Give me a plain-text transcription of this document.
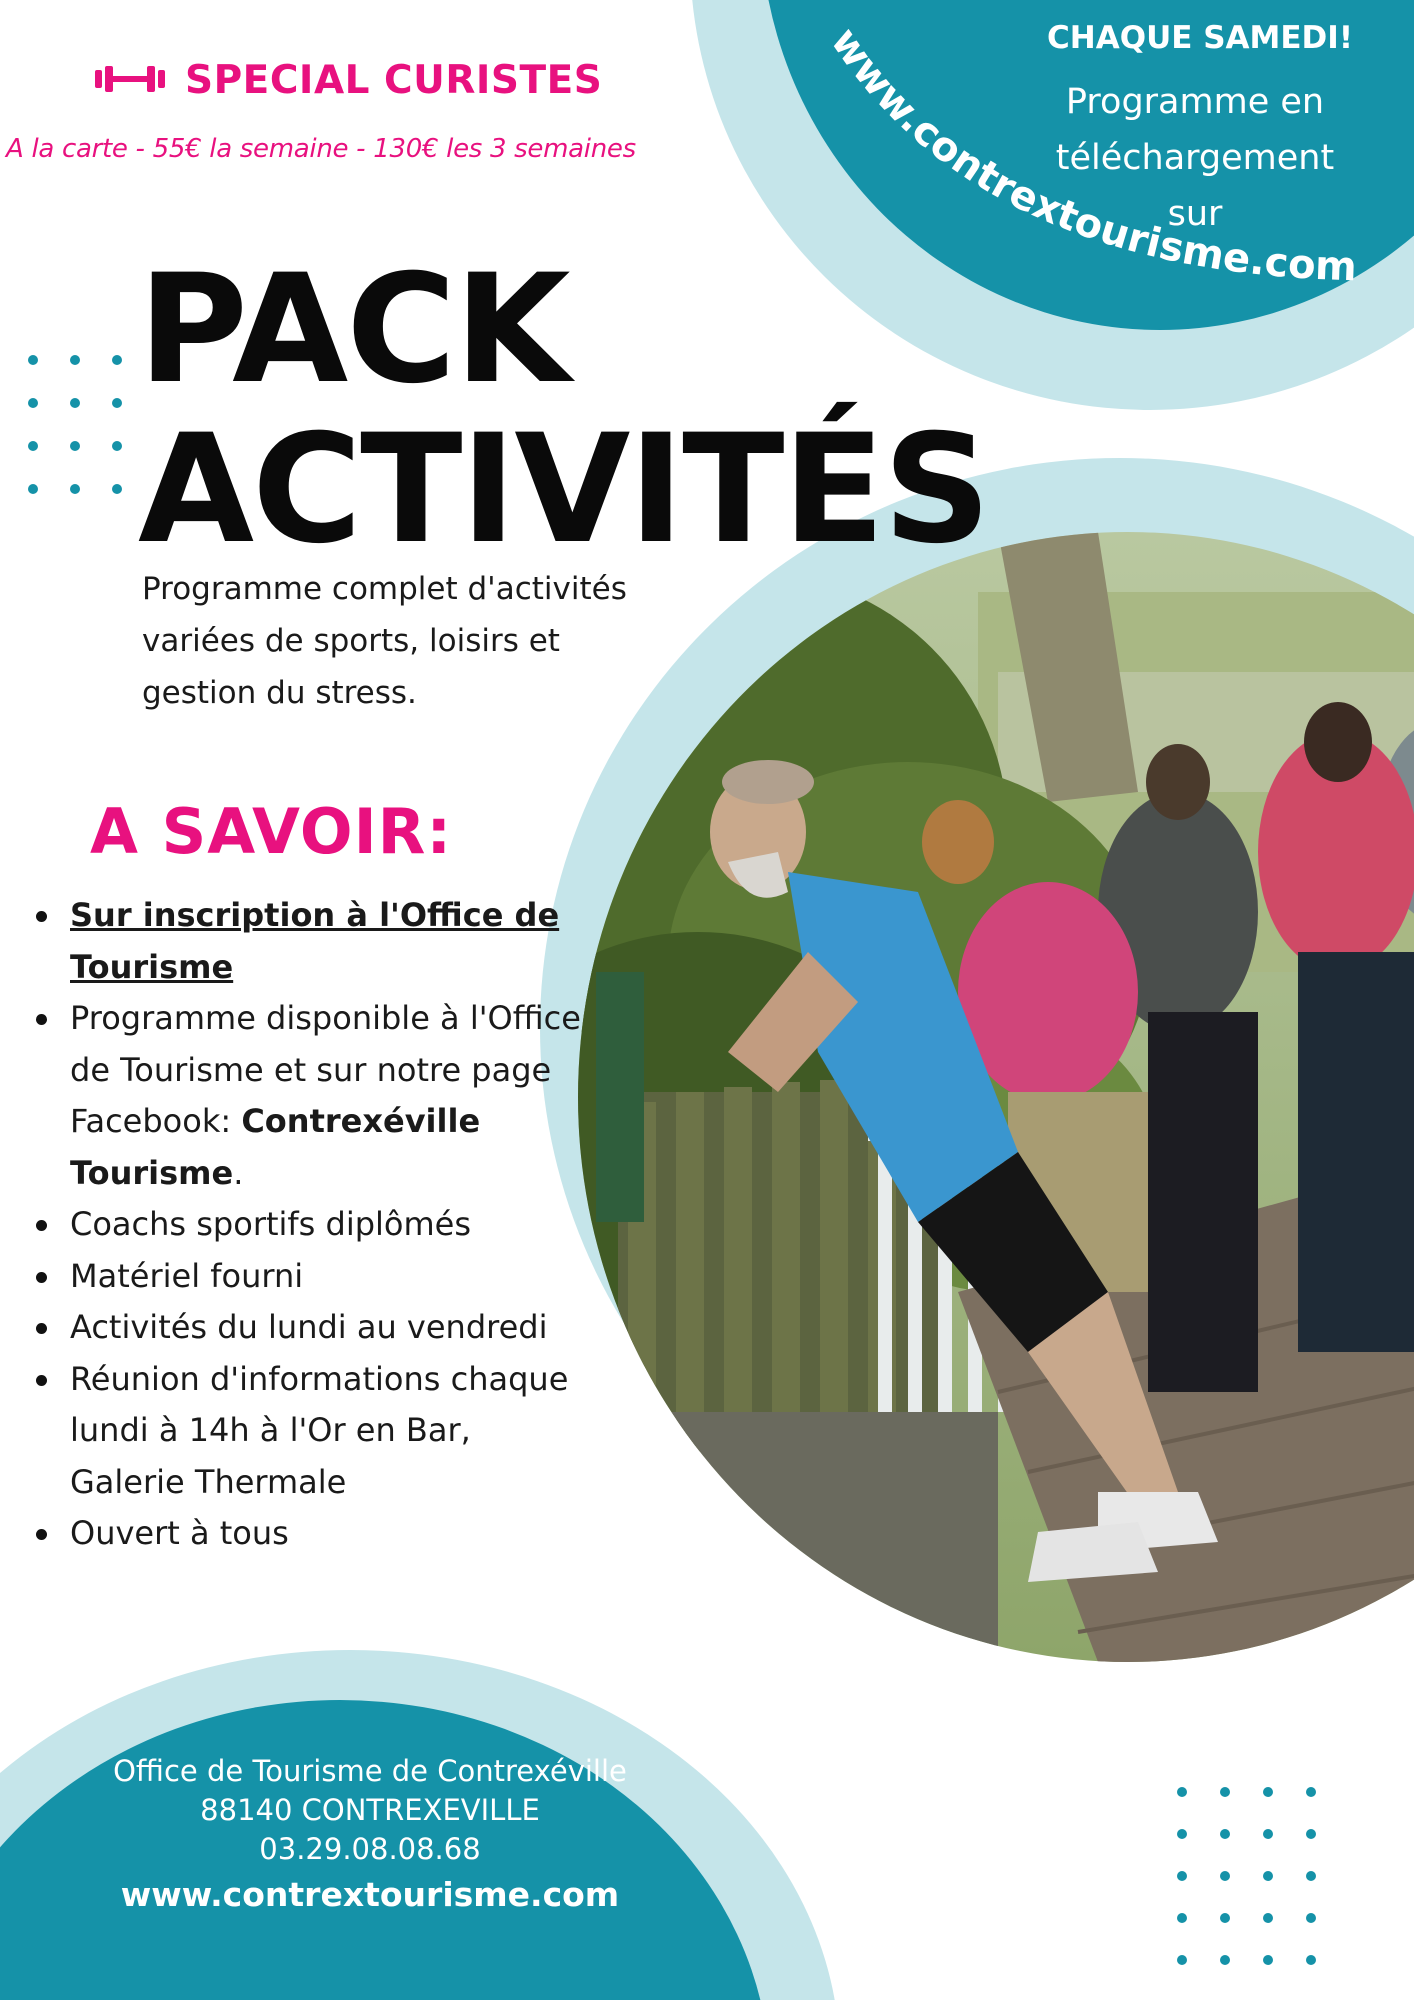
SPECIAL CURISTES
A la carte - 55€ la semaine - 130€ les 3 semaines
CHAQUE SAMEDI!
Programme en
téléchargement
sur
www.contrextourisme.com
PACK
ACTIVITÉS
Programme complet d'activités
variées de sports, loisirs et
gestion du stress.
A SAVOIR:
Sur inscription à l'Office de Tourisme
Programme disponible à l'Office de Tourisme et sur notre page Facebook: Contrexéville Tourisme.
Coachs sportifs diplômés
Matériel fourni
Activités du lundi au vendredi
Réunion d'informations chaque lundi à 14h à l'Or en Bar, Galerie Thermale
Ouvert à tous
Office de Tourisme de Contrexéville
88140 CONTREXEVILLE
03.29.08.08.68
www.contrextourisme.com
